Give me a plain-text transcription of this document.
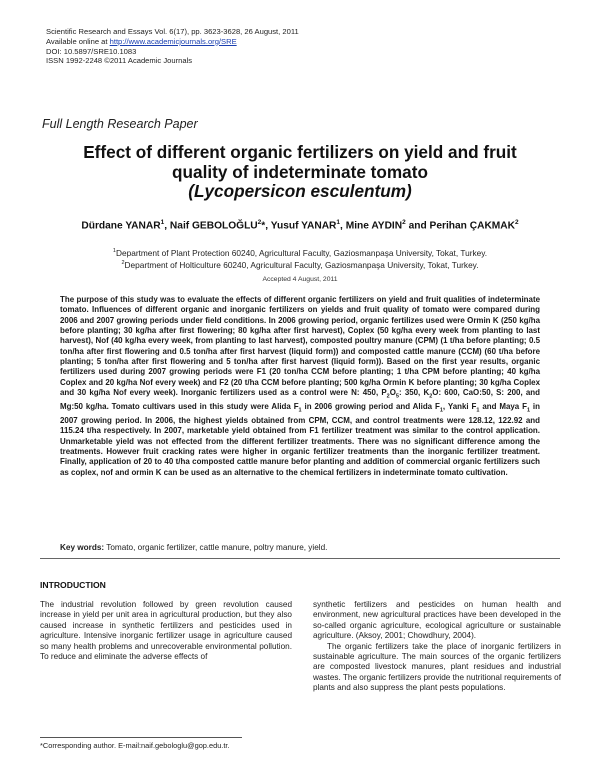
Scientific Research and Essays Vol. 6(17), pp. 3623-3628, 26 August, 2011
Available online at http://www.academicjournals.org/SRE
DOI: 10.5897/SRE10.1083
ISSN 1992-2248 ©2011 Academic Journals
Full Length Research Paper
Effect of different organic fertilizers on yield and fruit
quality of indeterminate tomato
(Lycopersicon esculentum)
Dürdane YANAR$^1$, Naif GEBOLOĞLU$^2$*, Yusuf YANAR$^1$, Mine AYDIN$^2$ and Perihan ÇAKMAK$^2$
$^1$Department of Plant Protection 60240, Agricultural Faculty, Gaziosmanpaşa University, Tokat, Turkey.
$^2$Department of Holticulture 60240, Agricultural Faculty, Gaziosmanpaşa University, Tokat, Turkey.
Accepted 4 August, 2011
The purpose of this study was to evaluate the effects of different organic fertilizers on yield and fruit qualities of indeterminate tomato. Influences of different organic and inorganic fertilizers on yields and fruit quality of tomato were compared during 2006 and 2007 growing periods under field conditions. In 2006 growing period, organic fertilizes used were Ormin K (250 kg/ha before planting; 30 kg/ha after first flowering; 80 kg/ha after first harvest), Coplex (50 kg/ha every week from planting to last harvest), Nof (40 kg/ha every week, from planting to last harvest), composted poultry manure (CPM) (1 t/ha before planting; 0.5 ton/ha after first flowering and 0.5 ton/ha after first harvest (liquid form)) and composted cattle manure (CCM) (60 t/ha before planting; 5 ton/ha after first flowering and 5 ton/ha after first harvest (liquid form)). Based on the first year results, organic fertilizers used during 2007 growing periods were F1 (20 ton/ha CCM before planting; 1 t/ha CPM before planting; 40 kg/ha Coplex and 20 kg/ha Nof every week) and F2 (20 t/ha CCM before planting; 500 kg/ha Ormin K before planting; 30 kg/ha Coplex and 30 kg/ha Nof every week). Inorganic fertilizers used as a control were N: 450, $P_2O_5$: 350, $K_2O$: 600, CaO:50, S: 200, and Mg:50 kg/ha. Tomato cultivars used in this study were Alida $F_1$ in 2006 growing period and Alida $F_1$, Yanki $F_1$ and Maya $F_1$ in 2007 growing period. In 2006, the highest yields obtained from CPM, CCM, and control treatments were 128.12, 122.92 and 115.24 t/ha respectively. In 2007, marketable yield obtained from F1 fertilizer treatment was similar to the control application. Unmarketable yield was not effected from the different fertilizer treatments. There was no significant difference among the treatments. However fruit cracking rates were higher in organic fertilizer treatments than the inorganic fertilizer treatment. Finally, application of 20 to 40 t/ha composted cattle manure befor planting and addition of commercial organic fertilizers such as coplex, nof and ormin K can be used as an alternative to the chemical fertilizers in indeterminate tomato cultivation.
Key words: Tomato, organic fertilizer, cattle manure, poltry manure, yield.
INTRODUCTION
The industrial revolution followed by green revolution caused increase in yield per unit area in agricultural production, but they also caused increase in synthetic fertilizers and pesticides used in agriculture. Intensive inorganic fertilizer usage in agriculture caused so many health problems and unrecoverable environmental pollution. To reduce and eliminate the adverse effects of

synthetic fertilizers and pesticides on human health and environment, new agricultural practices have been developed in the so-called organic agriculture, ecological agriculture or sustainable agriculture. (Aksoy, 2001; Chowdhury, 2004).

The organic fertilizers take the place of inorganic fertilizers in sustainable agriculture. The main sources of the organic fertilizers are composted livestock manures, plant residues and industrial wastes. The organic fertilizers provide the nutritional requirements of plants and also suppress the plant pests populations.

*Corresponding author. E-mail:naif.gebologlu@gop.edu.tr.
